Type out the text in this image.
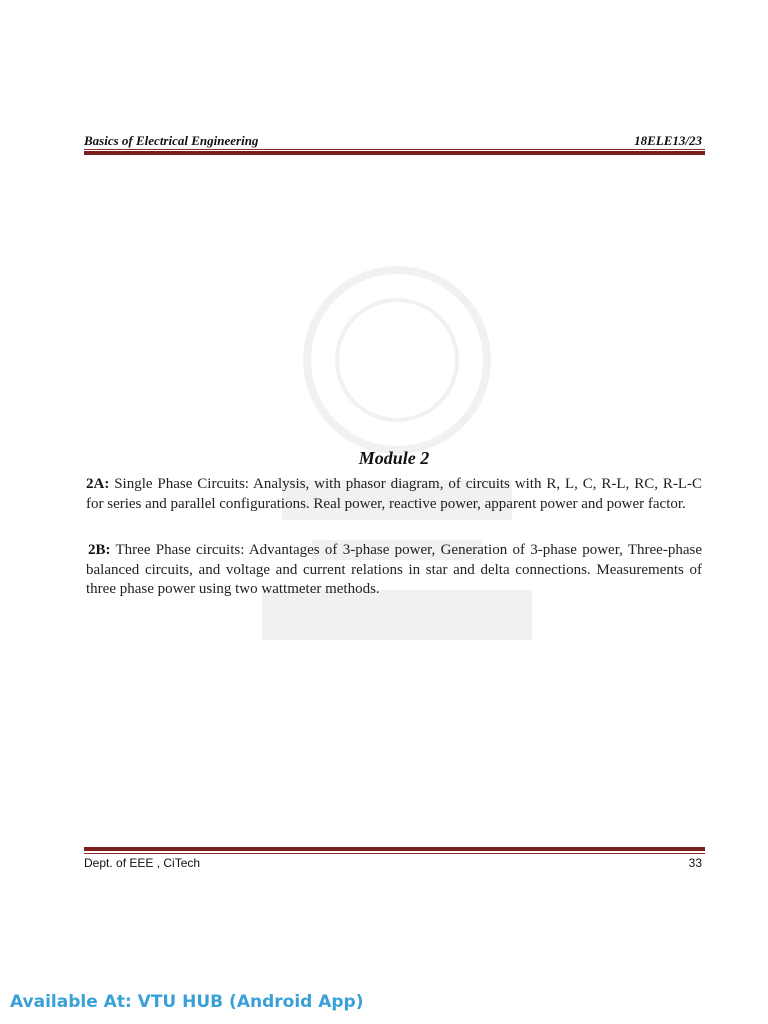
Basics of Electrical Engineering	18ELE13/23
Module 2

2A: Single Phase Circuits: Analysis, with phasor diagram, of circuits with R, L, C, R-L, RC, R-L-C for series and parallel configurations. Real power, reactive power, apparent power and power factor.

2B: Three Phase circuits: Advantages of 3-phase power, Generation of 3-phase power, Three-phase balanced circuits, and voltage and current relations in star and delta connections. Measurements of three phase power using two wattmeter methods.

Dept. of EEE , CiTech	33
Available At: VTU HUB (Android App)
